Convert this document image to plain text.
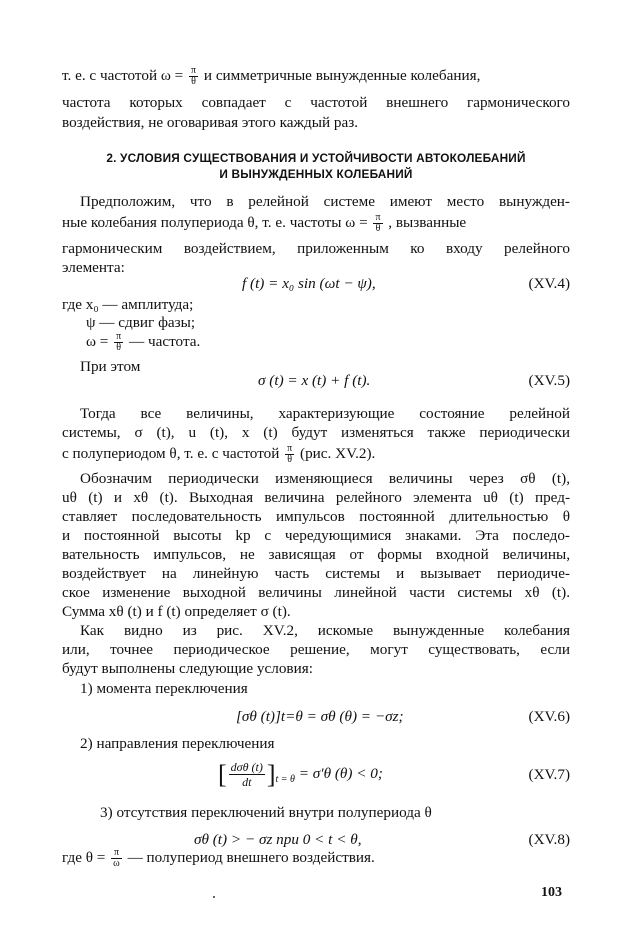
т. е. с частотой $\omega = \frac{\pi}{\theta}$ и симметричные вынужденные колебания,
частота которых совпадает с частотой внешнего гармонического
воздействия, не оговаривая этого каждый раз.
2. УСЛОВИЯ СУЩЕСТВОВАНИЯ И УСТОЙЧИВОСТИ АВТОКОЛЕБАНИЙ
И ВЫНУЖДЕННЫХ КОЛЕБАНИЙ
Предположим, что в релейной системе имеют место вынужден-
ные колебания полупериода θ, т. е. частоты $\omega = \frac{\pi}{\theta}$ , вызванные
гармоническим воздействием, приложенным ко входу релейного
элемента:
f (t) = x₀ sin (ωt − ψ),	(XV.4)
где x₀ — амплитуда;
ψ — сдвиг фазы;
$\omega = \frac{\pi}{\theta}$ — частота.
При этом
σ (t) = x (t) + f (t).	(XV.5)
Тогда все величины, характеризующие состояние релейной
системы, σ (t), u (t), x (t) будут изменяться также периодически
с полупериодом θ, т. е. с частотой $\frac{\pi}{\theta} (рис$. XV.2).
Обозначим периодически изменяющиеся величины через σθ (t),
uθ (t) и xθ (t). Выходная величина релейного элемента uθ (t) пред-
ставляет последовательность импульсов постоянной длительностью θ
и постоянной высоты kp с чередующимися знаками. Эта последо-
вательность импульсов, не зависящая от формы входной величины,
воздействует на линейную часть системы и вызывает периодиче-
ское изменение выходной величины линейной части системы xθ (t).
Сумма xθ (t) и f (t) определяет σ (t).
Как видно из рис. XV.2, искомые вынужденные колебания
или, точнее периодическое решение, могут существовать, если
будут выполнены следующие условия:
1) момента переключения
[σθ (t)]t=θ = σθ (θ) = −σz;	(XV.6)
2) направления переключения
[ $\frac{\text{dσθ (t)}}{dt} ]_{t = \theta} = \sigma'\theta$ (θ) < 0;	(XV.7)
3) отсутствия переключений внутри полупериода θ
σθ (t) > − σz при 0 < t < θ,	(XV.8)
где $\theta = \frac{\pi}{\omega}$ — полупериод внешнего воздействия.
103
